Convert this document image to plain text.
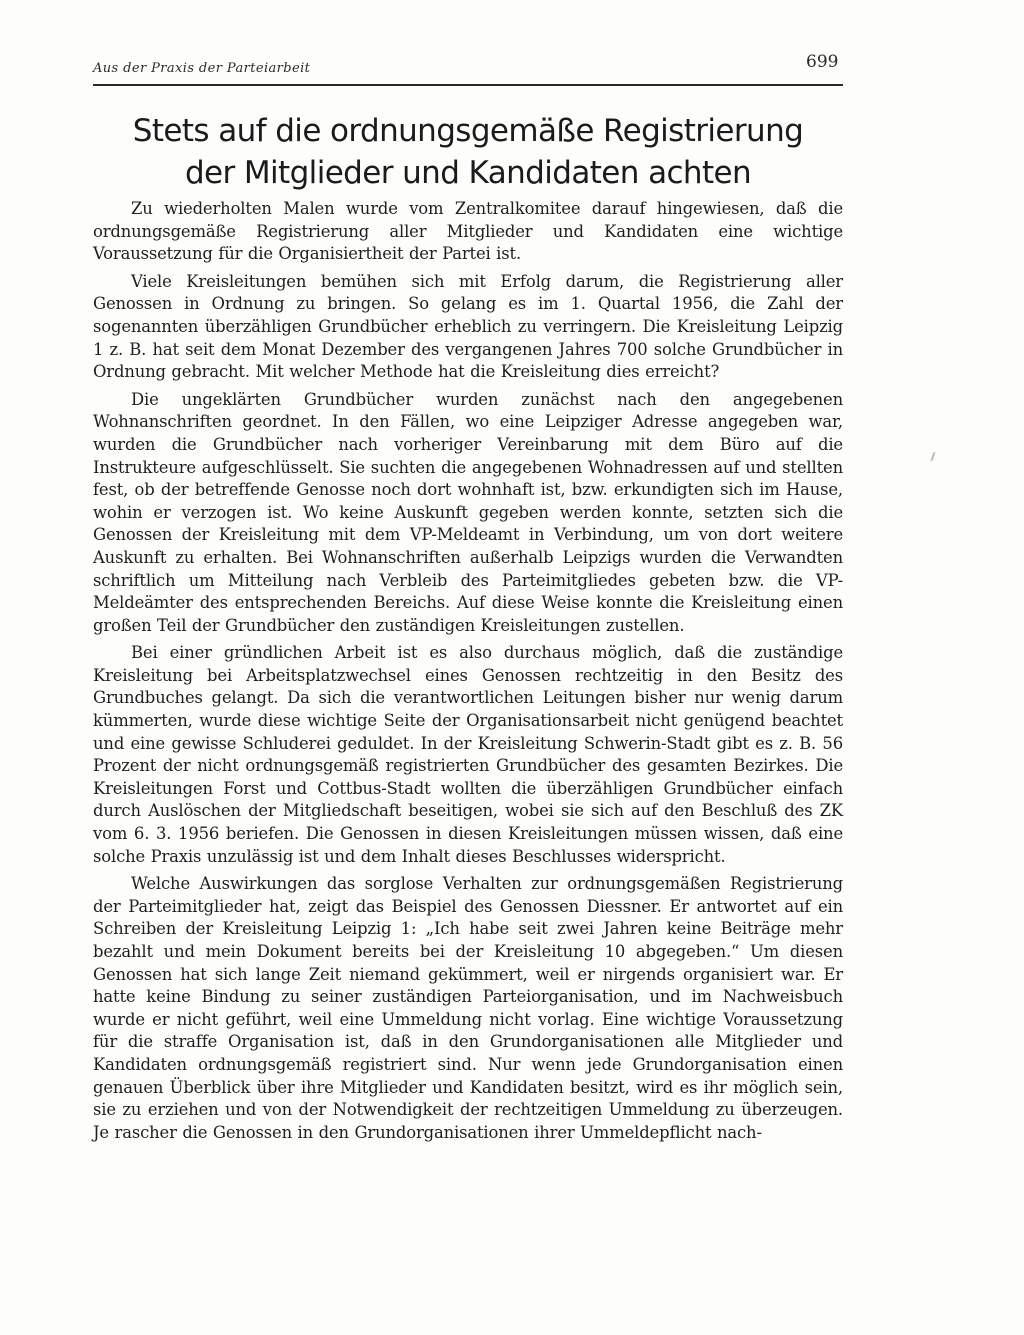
Aus der Praxis der Parteiarbeit	699
Stets auf die ordnungsgemäße Registrierung
der Mitglieder und Kandidaten achten

Zu wiederholten Malen wurde vom Zentralkomitee darauf hingewiesen, daß die ordnungsgemäße Registrierung aller Mitglieder und Kandidaten eine wichtige Voraussetzung für die Organisiertheit der Partei ist.

Viele Kreisleitungen bemühen sich mit Erfolg darum, die Registrierung aller Genossen in Ordnung zu bringen. So gelang es im 1. Quartal 1956, die Zahl der sogenannten überzähligen Grundbücher erheblich zu verringern. Die Kreisleitung Leipzig 1 z. B. hat seit dem Monat Dezember des vergangenen Jahres 700 solche Grundbücher in Ordnung gebracht. Mit welcher Methode hat die Kreisleitung dies erreicht?

Die ungeklärten Grundbücher wurden zunächst nach den angegebenen Wohnanschriften geordnet. In den Fällen, wo eine Leipziger Adresse angegeben war, wurden die Grundbücher nach vorheriger Vereinbarung mit dem Büro auf die Instrukteure aufgeschlüsselt. Sie suchten die angegebenen Wohnadressen auf und stellten fest, ob der betreffende Genosse noch dort wohnhaft ist, bzw. erkundigten sich im Hause, wohin er verzogen ist. Wo keine Auskunft gegeben werden konnte, setzten sich die Genossen der Kreisleitung mit dem VP-Meldeamt in Verbindung, um von dort weitere Auskunft zu erhalten. Bei Wohnanschriften außerhalb Leipzigs wurden die Verwandten schriftlich um Mitteilung nach Verbleib des Parteimitgliedes gebeten bzw. die VP-Meldeämter des entsprechenden Bereichs. Auf diese Weise konnte die Kreisleitung einen großen Teil der Grundbücher den zuständigen Kreisleitungen zustellen.

Bei einer gründlichen Arbeit ist es also durchaus möglich, daß die zuständige Kreisleitung bei Arbeitsplatzwechsel eines Genossen rechtzeitig in den Besitz des Grundbuches gelangt. Da sich die verantwortlichen Leitungen bisher nur wenig darum kümmerten, wurde diese wichtige Seite der Organisationsarbeit nicht genügend beachtet und eine gewisse Schluderei geduldet. In der Kreisleitung Schwerin-Stadt gibt es z. B. 56 Prozent der nicht ordnungsgemäß registrierten Grundbücher des gesamten Bezirkes. Die Kreisleitungen Forst und Cottbus-Stadt wollten die überzähligen Grundbücher einfach durch Auslöschen der Mitgliedschaft beseitigen, wobei sie sich auf den Beschluß des ZK vom 6. 3. 1956 beriefen. Die Genossen in diesen Kreisleitungen müssen wissen, daß eine solche Praxis unzulässig ist und dem Inhalt dieses Beschlusses widerspricht.

Welche Auswirkungen das sorglose Verhalten zur ordnungsgemäßen Registrierung der Parteimitglieder hat, zeigt das Beispiel des Genossen Diessner. Er antwortet auf ein Schreiben der Kreisleitung Leipzig 1: „Ich habe seit zwei Jahren keine Beiträge mehr bezahlt und mein Dokument bereits bei der Kreisleitung 10 abgegeben.“ Um diesen Genossen hat sich lange Zeit niemand gekümmert, weil er nirgends organisiert war. Er hatte keine Bindung zu seiner zuständigen Parteiorganisation, und im Nachweisbuch wurde er nicht geführt, weil eine Ummeldung nicht vorlag. Eine wichtige Voraussetzung für die straffe Organisation ist, daß in den Grundorganisationen alle Mitglieder und Kandidaten ordnungsgemäß registriert sind. Nur wenn jede Grundorganisation einen genauen Überblick über ihre Mitglieder und Kandidaten besitzt, wird es ihr möglich sein, sie zu erziehen und von der Notwendigkeit der rechtzeitigen Ummeldung zu überzeugen. Je rascher die Genossen in den Grundorganisationen ihrer Ummeldepflicht nach-
